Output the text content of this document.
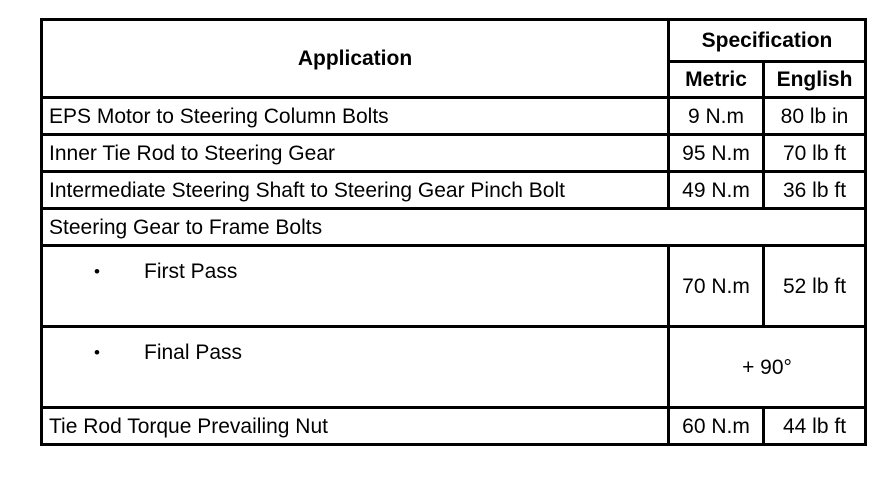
Application	Specification	
	Metric	English
EPS Motor to Steering Column Bolts	9 N.m	80 lb in
Inner Tie Rod to Steering Gear	95 N.m	70 lb ft
Intermediate Steering Shaft to Steering Gear Pinch Bolt	49 N.m	36 lb ft
Steering Gear to Frame Bolts		
• First Pass	70 N.m	52 lb ft
• Final Pass	+ 90°	
Tie Rod Torque Prevailing Nut	60 N.m	44 lb ft
